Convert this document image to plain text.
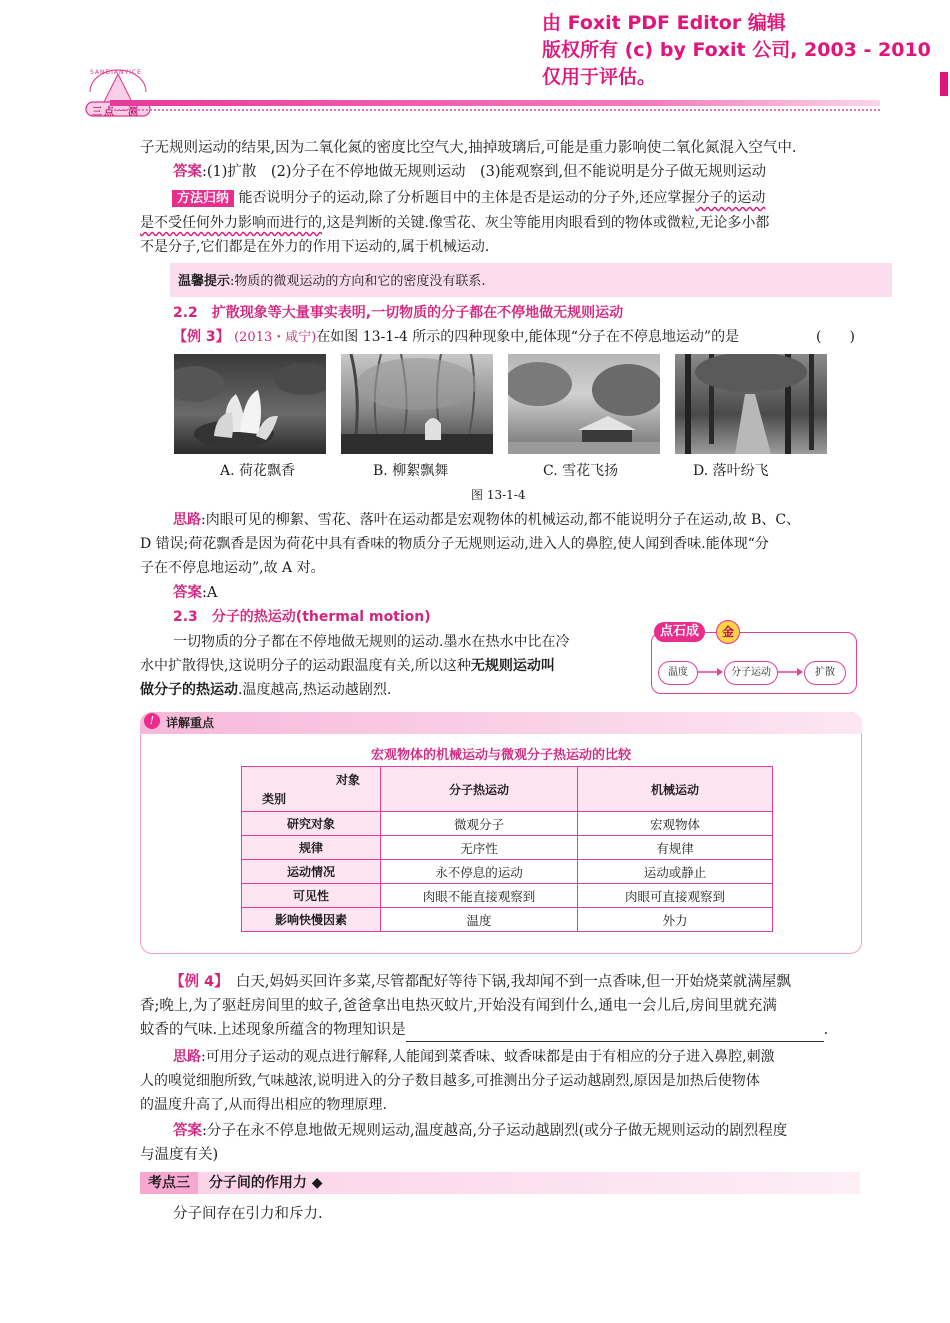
由 Foxit PDF Editor 编辑
版权所有 (c) by Foxit 公司, 2003 - 2010
仅用于评估。
SANDIANYICE
三点一测
子无规则运动的结果,因为二氧化氮的密度比空气大,抽掉玻璃后,可能是重力影响使二氧化氮混入空气中.
答案:(1)扩散　(2)分子在不停地做无规则运动　(3)能观察到,但不能说明是分子做无规则运动
方法归纳 能否说明分子的运动,除了分析题目中的主体是否是运动的分子外,还应掌握分子的运动
是不受任何外力影响而进行的,这是判断的关键.像雪花、灰尘等能用肉眼看到的物体或微粒,无论多小都
不是分子,它们都是在外力的作用下运动的,属于机械运动.
温馨提示:物质的微观运动的方向和它的密度没有联系.
2.2　 扩散现象等大量事实表明,一切物质的分子都在不停地做无规则运动
【例 3】 (2013・咸宁)在如图 13-1-4 所示的四种现象中,能体现“分子在不停息地运动”的是	(　　)
A. 荷花飘香	B. 柳絮飘舞	C. 雪花飞扬	D. 落叶纷飞
图 13-1-4
思路:肉眼可见的柳絮、雪花、落叶在运动都是宏观物体的机械运动,都不能说明分子在运动,故 B、C、
D 错误;荷花飘香是因为荷花中具有香味的物质分子无规则运动,进入人的鼻腔,使人闻到香味.能体现“分
子在不停息地运动”,故 A 对。
答案:A
2.3　 分子的热运动(thermal motion)
一切物质的分子都在不停地做无规则的运动.墨水在热水中比在冷
水中扩散得快,这说明分子的运动跟温度有关,所以这种无规则运动叫
做分子的热运动.温度越高,热运动越剧烈.
点石成	金
温度	分子运动	扩散
! 详解重点
宏观物体的机械运动与微观分子热运动的比较
对象
类别	分子热运动	机械运动
研究对象	微观分子	宏观物体
规律	无序性	有规律
运动情况	永不停息的运动	运动或静止
可见性	肉眼不能直接观察到	肉眼可直接观察到
影响快慢因素	温度	外力
【例 4】　 白天,妈妈买回许多菜,尽管都配好等待下锅,我却闻不到一点香味,但一开始烧菜就满屋飘
香;晚上,为了驱赶房间里的蚊子,爸爸拿出电热灭蚊片,开始没有闻到什么,通电一会儿后,房间里就充满
蚊香的气味.上述现象所蕴含的物理知识是	.
思路:可用分子运动的观点进行解释,人能闻到菜香味、蚊香味都是由于有相应的分子进入鼻腔,刺激
人的嗅觉细胞所致,气味越浓,说明进入的分子数目越多,可推测出分子运动越剧烈,原因是加热后使物体
的温度升高了,从而得出相应的物理原理.
答案:分子在永不停息地做无规则运动,温度越高,分子运动越剧烈(或分子做无规则运动的剧烈程度
与温度有关)
考点三 分子间的作用力 ◆
分子间存在引力和斥力.
